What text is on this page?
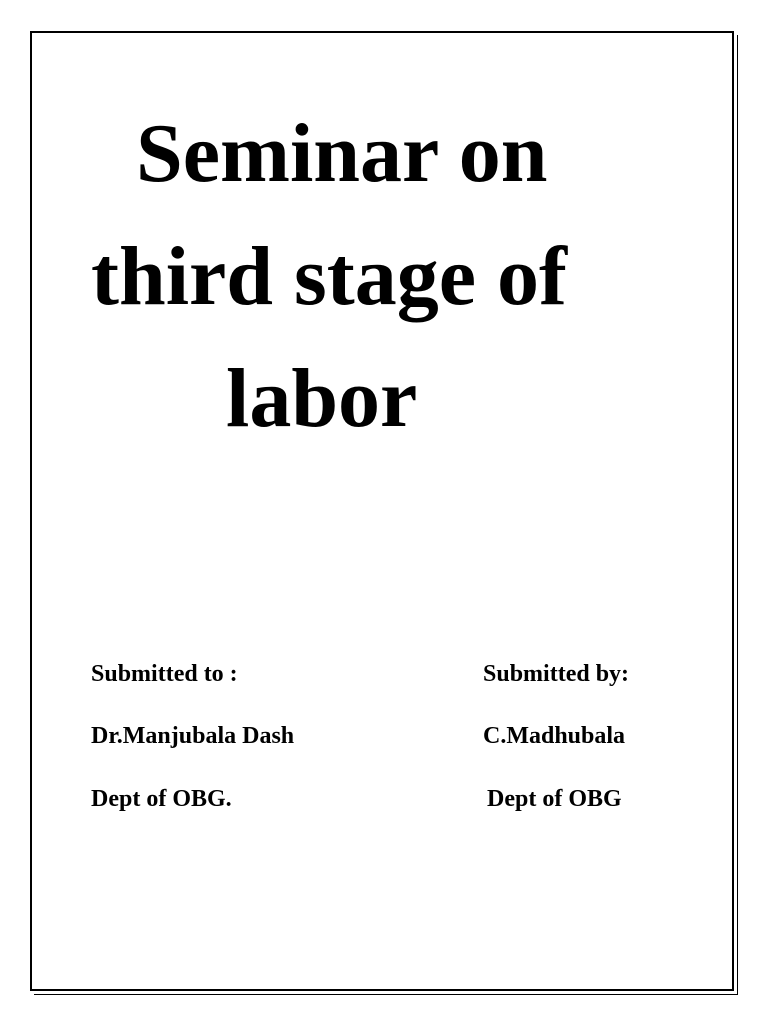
Seminar on
third stage of
labor
Submitted to :
Dr.Manjubala Dash
Dept of OBG.
Submitted by:
C.Madhubala
Dept of OBG
